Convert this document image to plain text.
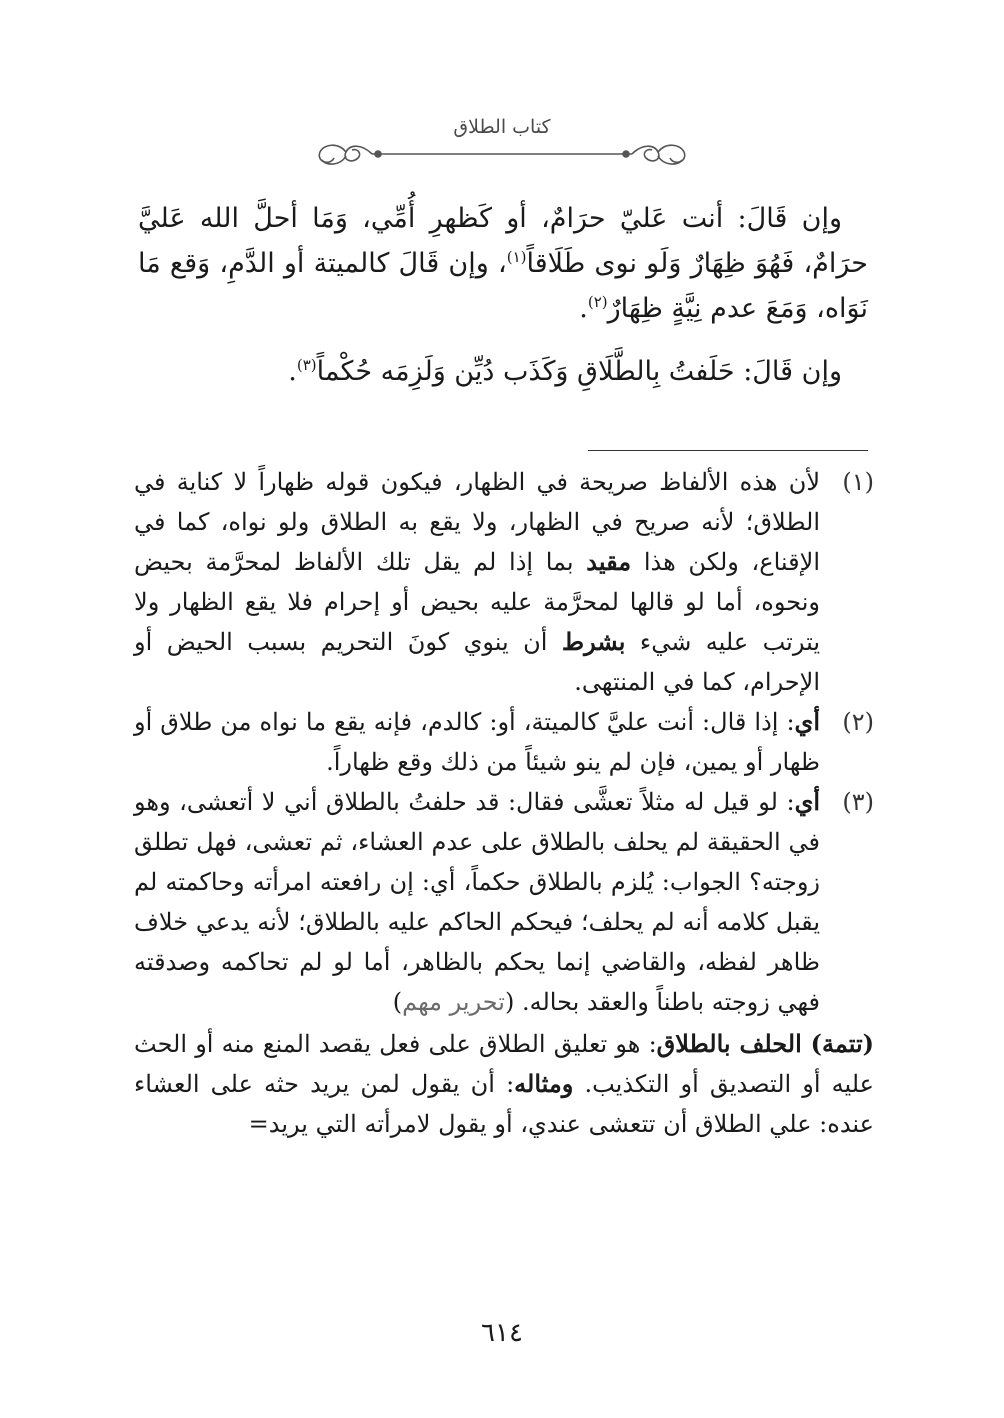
كتاب الطلاق

وإن قَالَ: أنت عَليّ حرَامٌ، أو كَظهرِ أُمِّي، وَمَا أحلَّ الله عَليَّ حرَامٌ، فَهُوَ ظِهَارٌ وَلَو نوى طَلَاقاً$^{(١)}$، وإن قَالَ كالميتة أو الدَّمِ، وَقع مَا نَوَاه، وَمَعَ عدم نِيَّةٍ ظِهَارٌ$^{(٢)}$.

وإن قَالَ: حَلَفتُ بِالطَّلَاقِ وَكَذَب دُيِّن وَلَزِمَه حُكْماً$^{(٣)}$.

(١)
لأن هذه الألفاظ صريحة في الظهار، فيكون قوله ظهاراً لا كناية في الطلاق؛ لأنه صريح في الظهار، ولا يقع به الطلاق ولو نواه، كما في الإقناع، ولكن هذا مقيد بما إذا لم يقل تلك الألفاظ لمحرَّمة بحيض ونحوه، أما لو قالها لمحرَّمة عليه بحيض أو إحرام فلا يقع الظهار ولا يترتب عليه شيء بشرط أن ينوي كونَ التحريم بسبب الحيض أو الإحرام، كما في المنتهى.
(٢)
أي: إذا قال: أنت عليَّ كالميتة، أو: كالدم، فإنه يقع ما نواه من طلاق أو ظهار أو يمين، فإن لم ينو شيئاً من ذلك وقع ظهاراً.
(٣)
أي: لو قيل له مثلاً تعشَّى فقال: قد حلفتُ بالطلاق أني لا أتعشى، وهو في الحقيقة لم يحلف بالطلاق على عدم العشاء، ثم تعشى، فهل تطلق زوجته؟ الجواب: يُلزم بالطلاق حكماً، أي: إن رافعته امرأته وحاكمته لم يقبل كلامه أنه لم يحلف؛ فيحكم الحاكم عليه بالطلاق؛ لأنه يدعي خلاف ظاهر لفظه، والقاضي إنما يحكم بالظاهر، أما لو لم تحاكمه وصدقته فهي زوجته باطناً والعقد بحاله. (تحرير مهم)

(تتمة) الحلف بالطلاق: هو تعليق الطلاق على فعل يقصد المنع منه أو الحث عليه أو التصديق أو التكذيب. ومثاله: أن يقول لمن يريد حثه على العشاء عنده: علي الطلاق أن تتعشى عندي، أو يقول لامرأته التي يريد=

٦١٤
